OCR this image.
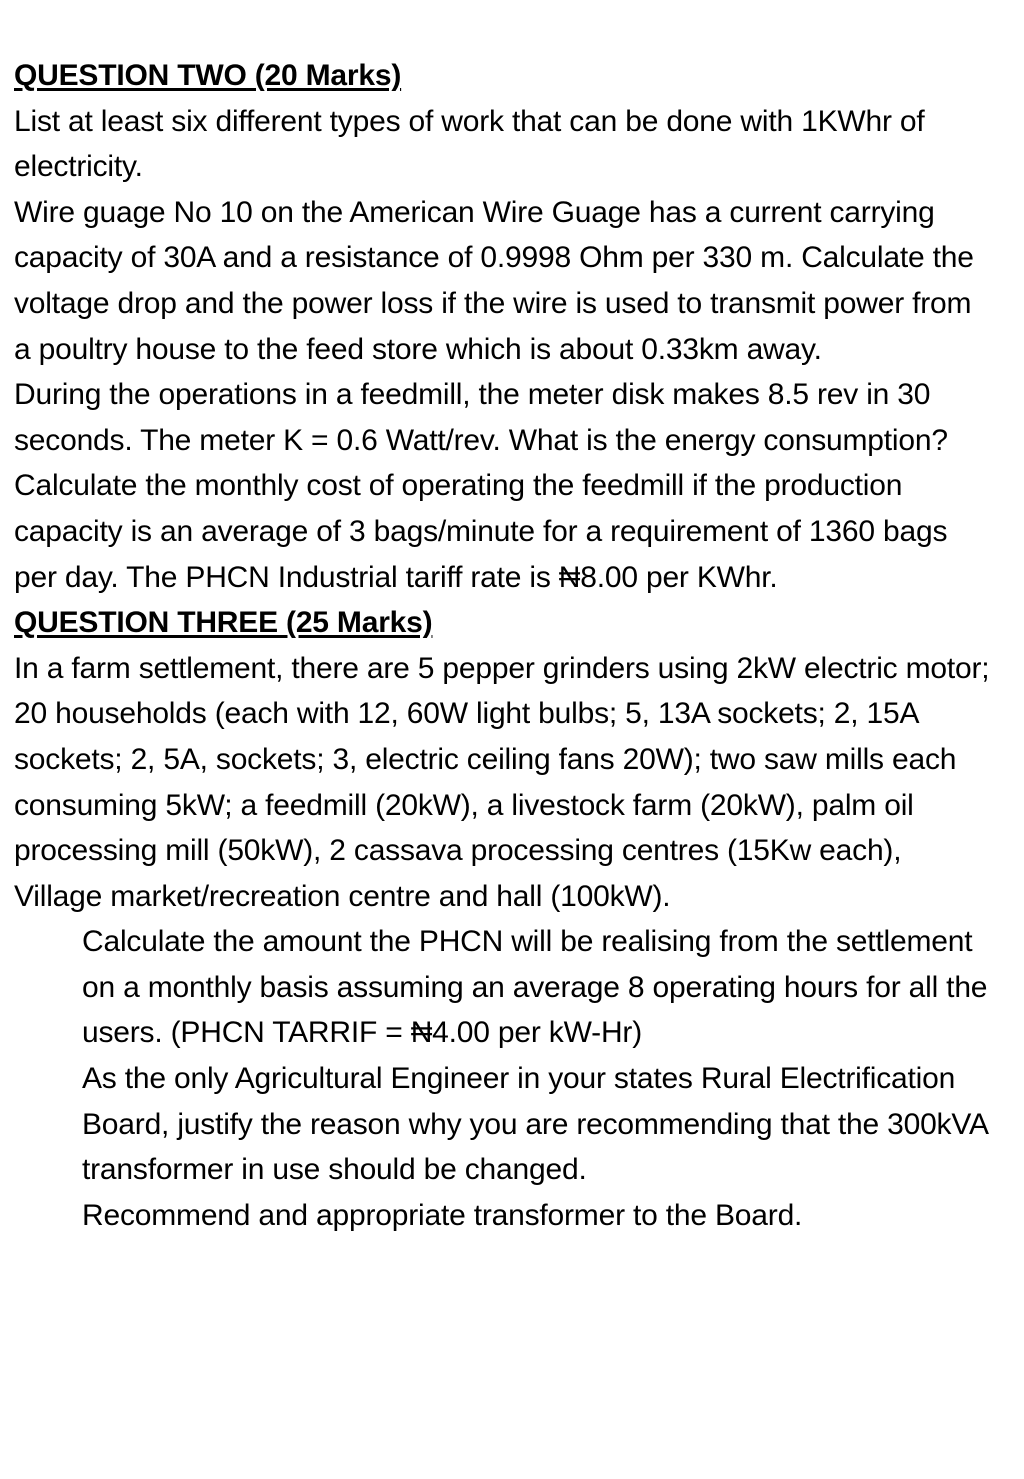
QUESTION TWO (20 Marks)

List at least six different types of work that can be done with 1KWhr of electricity.

Wire guage No 10 on the American Wire Guage has a current carrying capacity of 30A and a resistance of 0.9998 Ohm per 330 m. Calculate the voltage drop and the power loss if the wire is used to transmit power from a poultry house to the feed store which is about 0.33km away.

During the operations in a feedmill, the meter disk makes 8.5 rev in 30 seconds. The meter K = 0.6 Watt/rev. What is the energy consumption? Calculate the monthly cost of operating the feedmill if the production capacity is an average of 3 bags/minute for a requirement of 1360 bags per day. The PHCN Industrial tariff rate is ₦8.00 per KWhr.

QUESTION THREE (25 Marks)

In a farm settlement, there are 5 pepper grinders using 2kW electric motor; 20 households (each with 12, 60W light bulbs; 5, 13A sockets; 2, 15A sockets; 2, 5A, sockets; 3, electric ceiling fans 20W); two saw mills each consuming 5kW; a feedmill (20kW), a livestock farm (20kW), palm oil processing mill (50kW), 2 cassava processing centres (15Kw each), Village market/recreation centre and hall (100kW).

Calculate the amount the PHCN will be realising from the settlement on a monthly basis assuming an average 8 operating hours for all the users. (PHCN TARRIF = ₦4.00 per kW-Hr)

As the only Agricultural Engineer in your states Rural Electrification Board, justify the reason why you are recommending that the 300kVA transformer in use should be changed.

Recommend and appropriate transformer to the Board.
